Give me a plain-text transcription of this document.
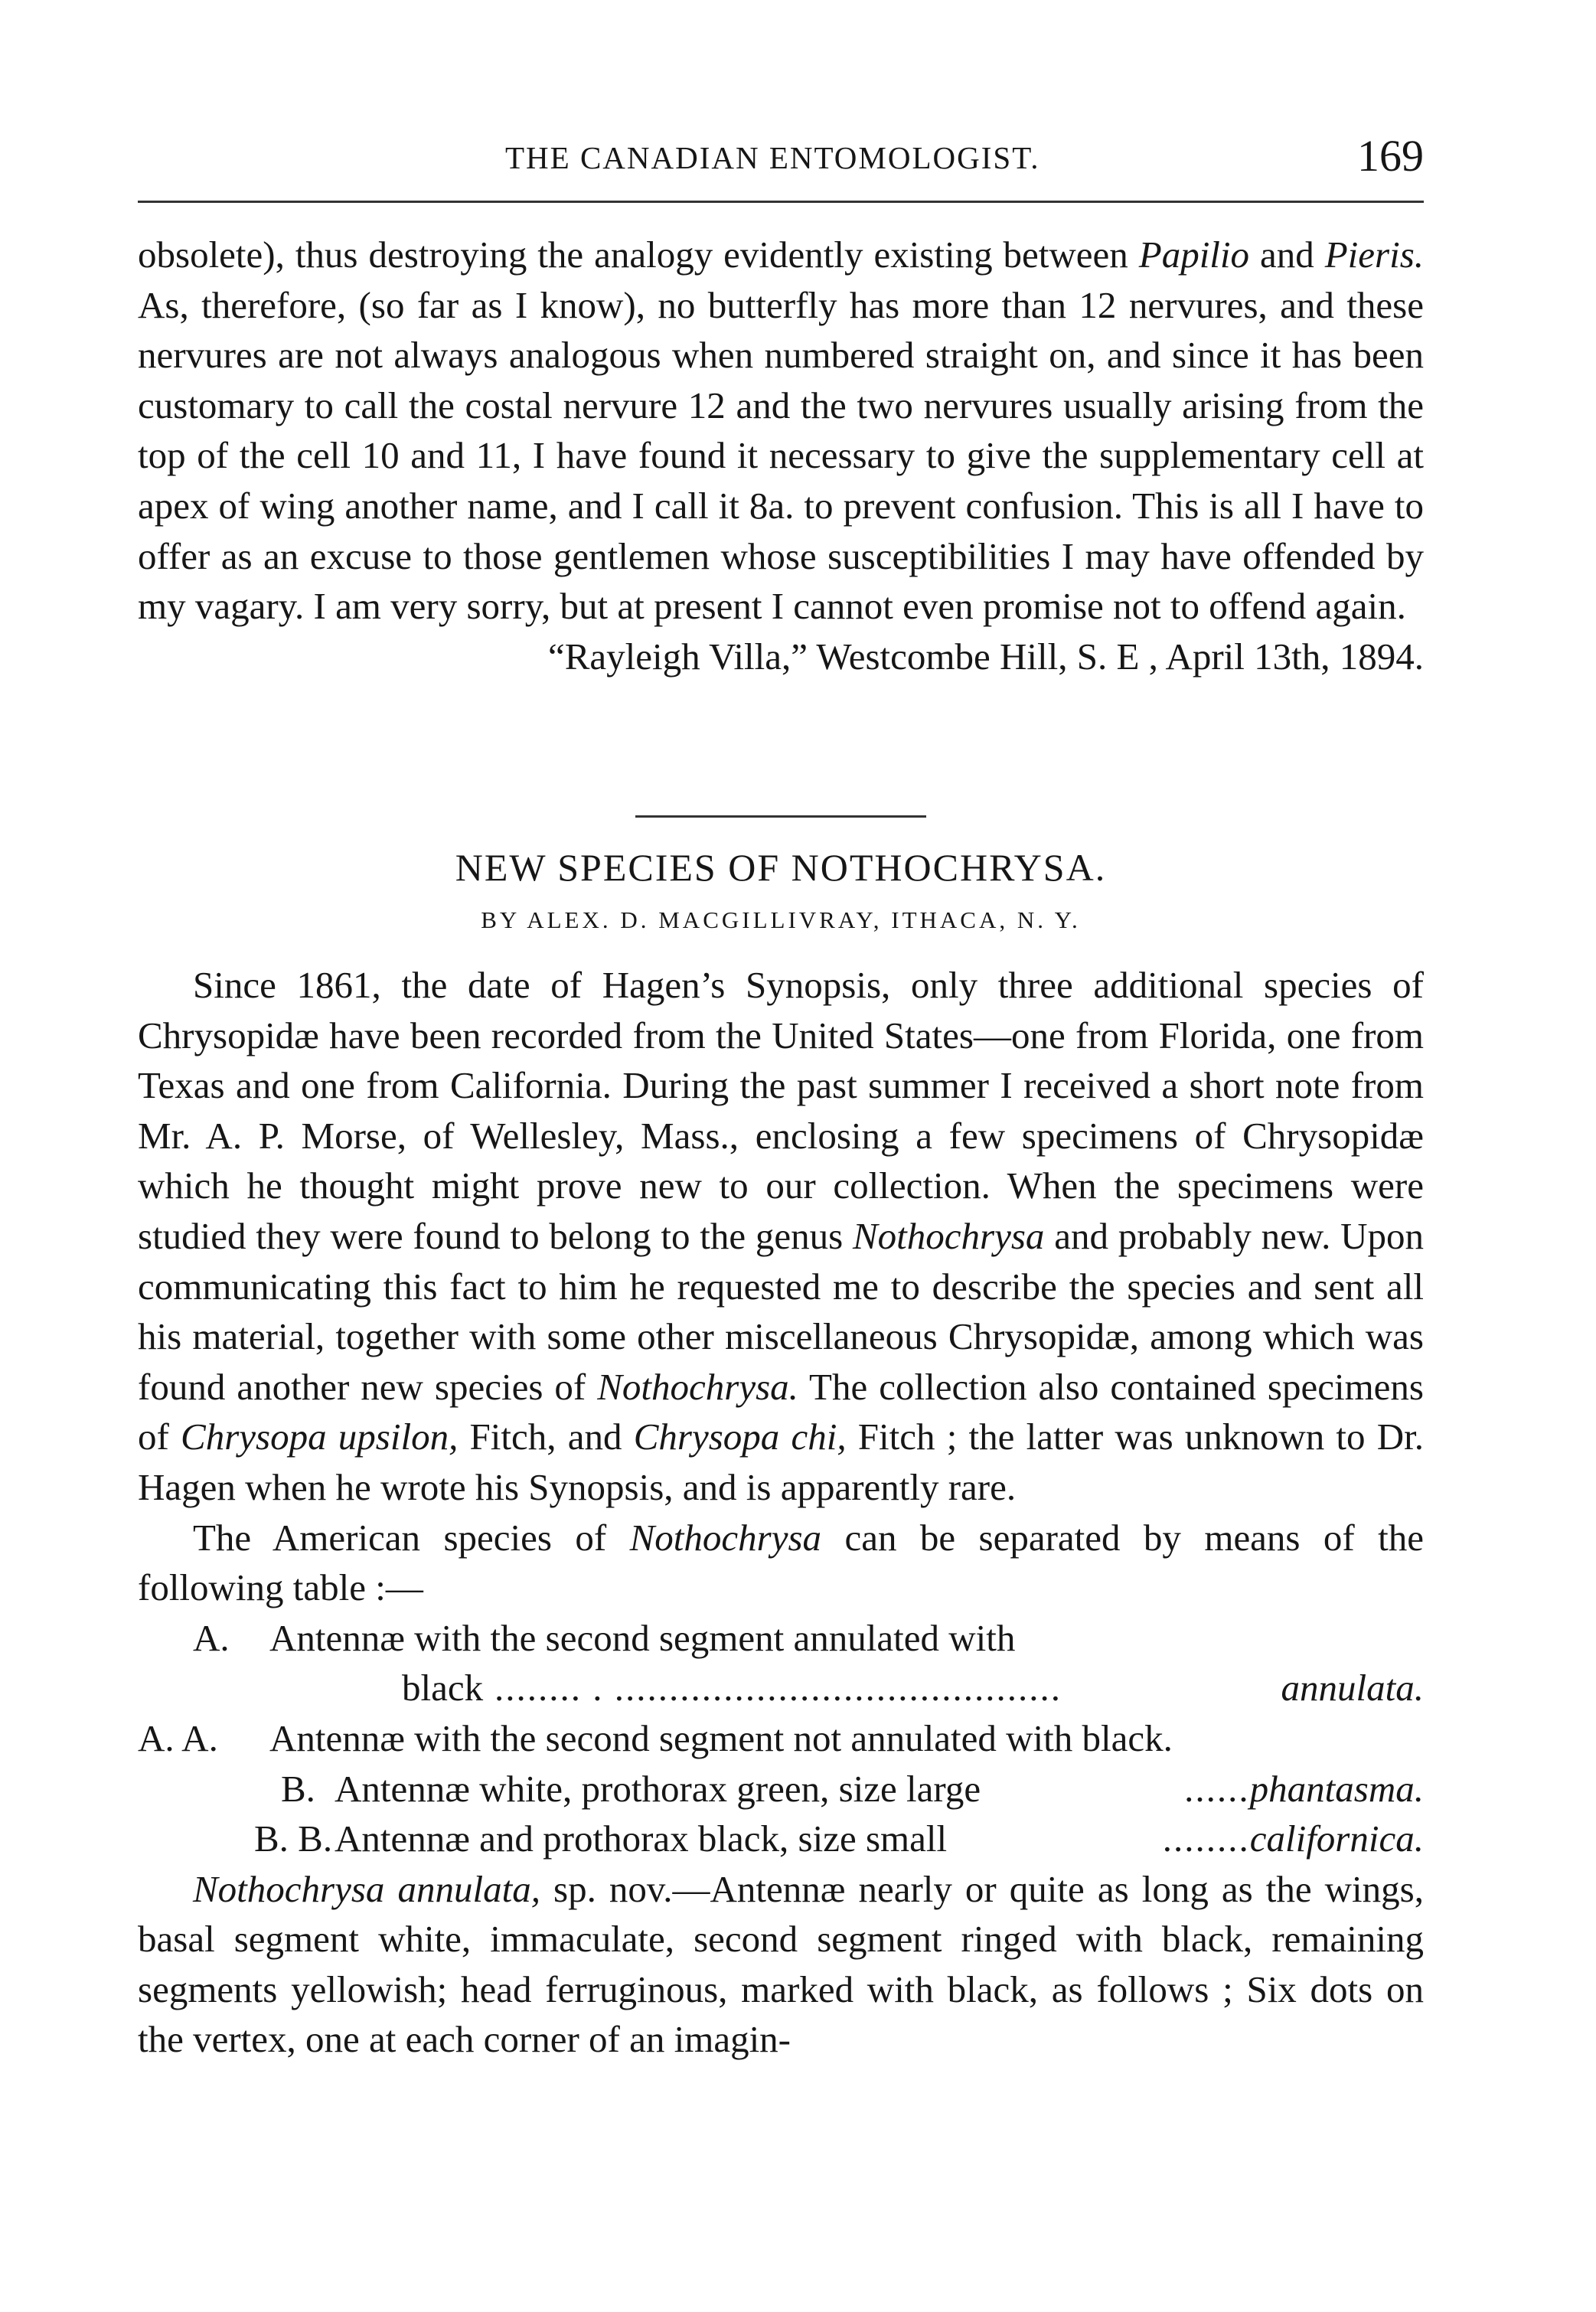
THE CANADIAN ENTOMOLOGIST.	169

obsolete), thus destroying the analogy evidently existing between Papilio and Pieris. As, therefore, (so far as I know), no butterfly has more than 12 nervures, and these nervures are not always analogous when numbered straight on, and since it has been customary to call the costal nervure 12 and the two nervures usually arising from the top of the cell 10 and 11, I have found it necessary to give the supplementary cell at apex of wing another name, and I call it 8a. to prevent confusion. This is all I have to offer as an excuse to those gentlemen whose susceptibilities I may have offended by my vagary. I am very sorry, but at present I cannot even promise not to offend again.

“Rayleigh Villa,” Westcombe Hill, S. E , April 13th, 1894.

NEW SPECIES OF NOTHOCHRYSA.
BY ALEX. D. MACGILLIVRAY, ITHACA, N. Y.

Since 1861, the date of Hagen’s Synopsis, only three additional species of Chrysopidæ have been recorded from the United States—one from Florida, one from Texas and one from California. During the past summer I received a short note from Mr. A. P. Morse, of Wellesley, Mass., enclosing a few specimens of Chrysopidæ which he thought might prove new to our collection. When the specimens were studied they were found to belong to the genus Nothochrysa and probably new. Upon communicating this fact to him he requested me to describe the species and sent all his material, together with some other miscellaneous Chrysopidæ, among which was found another new species of Nothochrysa. The collection also contained specimens of Chrysopa upsilon, Fitch, and Chrysopa chi, Fitch ; the latter was unknown to Dr. Hagen when he wrote his Synopsis, and is apparently rare.

The American species of Nothochrysa can be separated by means of the following table :—

A. Antennæ with the second segment annulated with
black ........ . .........................................	annulata.
A. A. Antennæ with the second segment not annulated with black.
B. Antennæ white, prothorax green, size large	......phantasma.
B. B. Antennæ and prothorax black, size small	........californica.

Nothochrysa annulata, sp. nov.—Antennæ nearly or quite as long as the wings, basal segment white, immaculate, second segment ringed with black, remaining segments yellowish; head ferruginous, marked with black, as follows ; Six dots on the vertex, one at each corner of an imagin-
